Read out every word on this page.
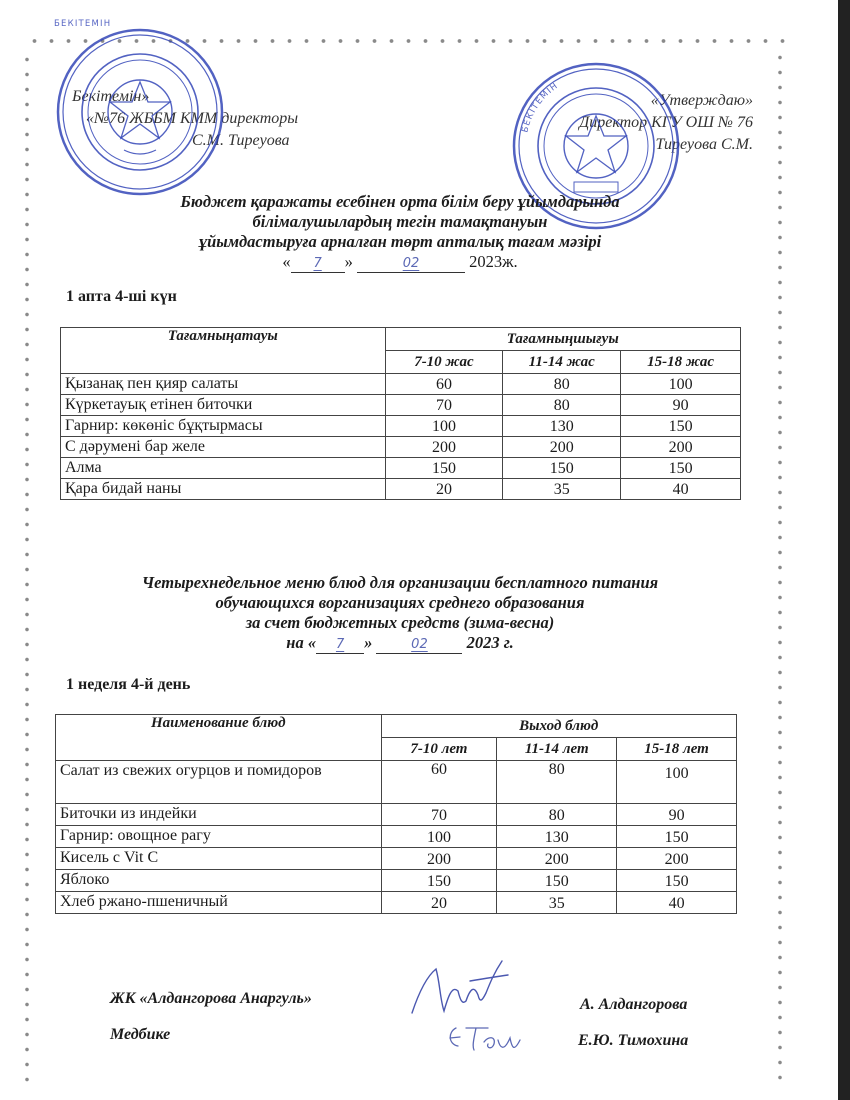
Бекітемін»
«№76 ЖББМ КММ директоры
С.М. Тиреуова
«Утверждаю»
Директор КГУ ОШ № 76
Тиреуова С.М.
БЕКІТЕМІН
БЕКІТЕМІН
Бюджет қаражаты есебінен орта білім беру ұйымдарында
білімалушылардың тегін тамақтануын
ұйымдастыруға арналған төрт апталық тағам мәзірі
« 7 »	02	2023ж.
1 апта 4-ші күн
Тағамныңатауы	Тағамныңшығуы		
	7-10 жас	11-14 жас	15-18 жас
Қызанақ пен қияр салаты	60	80	100
Күркетауық етінен биточки	70	80	90
Гарнир: көкөніс бұқтырмасы	100	130	150
С дәрумені бар желе	200	200	200
Алма	150	150	150
Қара бидай наны	20	35	40
Четырехнедельное меню блюд для организации бесплатного питания
обучающихся воргaнизациях среднего образования
за счет бюджетных средств (зима-весна)
на « 7 »	02 2023 г.
1 неделя 4-й день
Наименование блюд	Выход блюд		
	7-10 лет	11-14 лет	15-18 лет
Салат из свежих огурцов и помидоров	60	80	100
Биточки из индейки	70	80	90
Гарнир: овощное рагу	100	130	150
Кисель с Vit C	200	200	200
Яблоко	150	150	150
Хлеб ржано-пшеничный	20	35	40
ЖК «Алдангорова Анаргуль»
Медбике
А. Алдангорова
Е.Ю. Тимохина
